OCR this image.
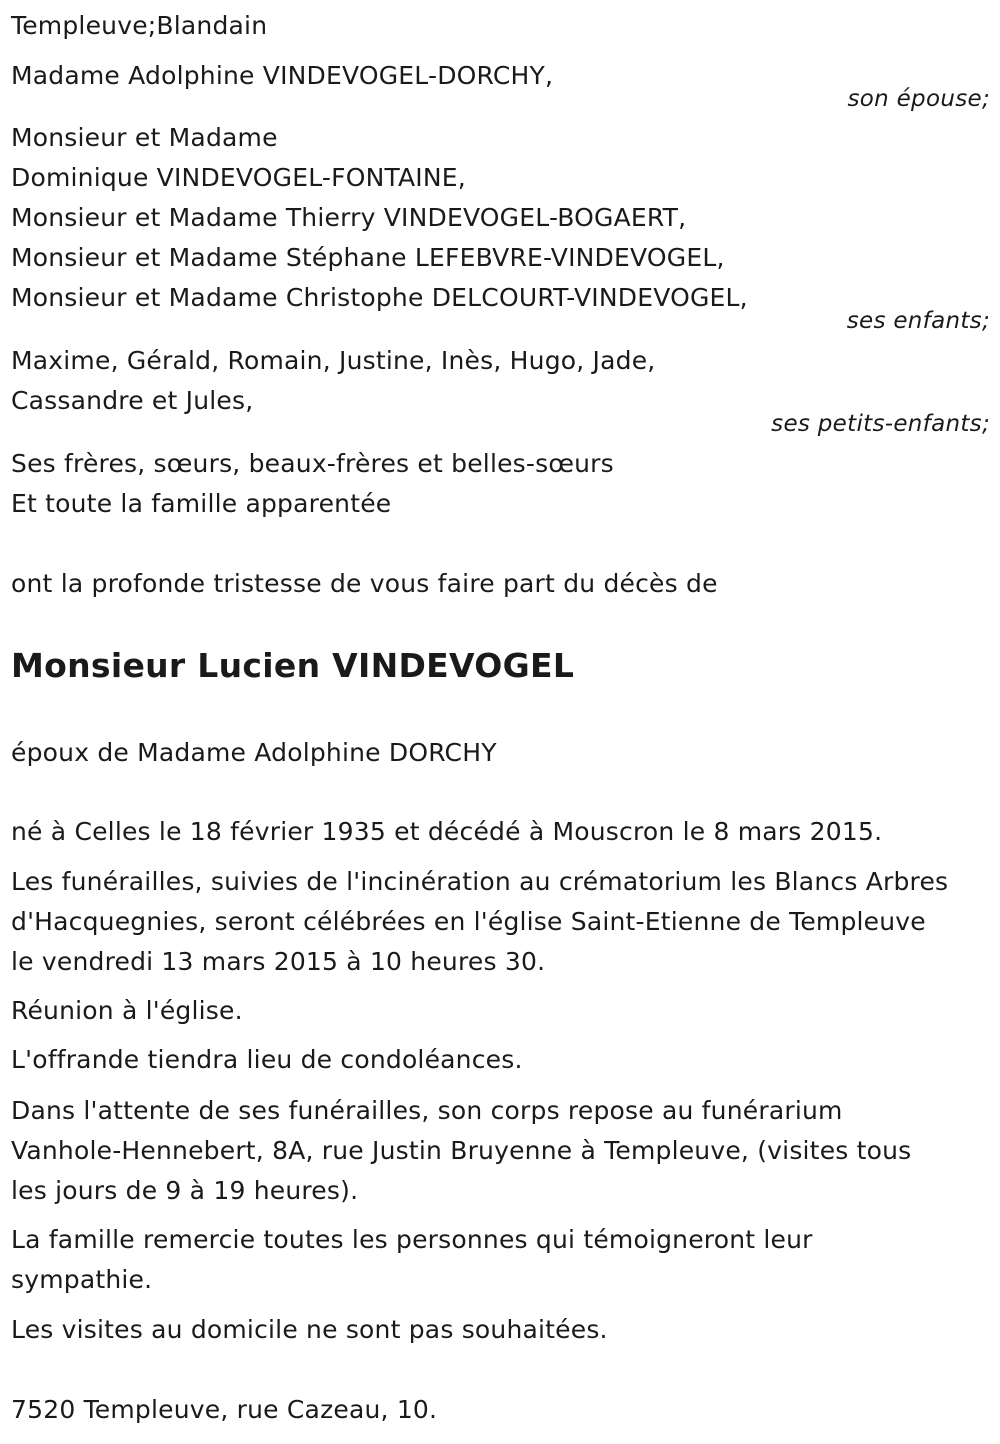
Templeuve;Blandain
Madame Adolphine VINDEVOGEL-DORCHY,
son épouse;
Monsieur et Madame
Dominique VINDEVOGEL-FONTAINE,
Monsieur et Madame Thierry VINDEVOGEL-BOGAERT,
Monsieur et Madame Stéphane LEFEBVRE-VINDEVOGEL,
Monsieur et Madame Christophe DELCOURT-VINDEVOGEL,
ses enfants;
Maxime, Gérald, Romain, Justine, Inès, Hugo, Jade,
Cassandre et Jules,
ses petits-enfants;
Ses frères, sœurs, beaux-frères et belles-sœurs
Et toute la famille apparentée
ont la profonde tristesse de vous faire part du décès de
Monsieur Lucien VINDEVOGEL
époux de Madame Adolphine DORCHY
né à Celles le 18 février 1935 et décédé à Mouscron le 8 mars 2015.
Les funérailles, suivies de l'incinération au crématorium les Blancs Arbres
d'Hacquegnies, seront célébrées en l'église Saint-Etienne de Templeuve
le vendredi 13 mars 2015 à 10 heures 30.
Réunion à l'église.
L'offrande tiendra lieu de condoléances.
Dans l'attente de ses funérailles, son corps repose au funérarium
Vanhole-Hennebert, 8A, rue Justin Bruyenne à Templeuve, (visites tous
les jours de 9 à 19 heures).
La famille remercie toutes les personnes qui témoigneront leur
sympathie.
Les visites au domicile ne sont pas souhaitées.
7520 Templeuve, rue Cazeau, 10.
